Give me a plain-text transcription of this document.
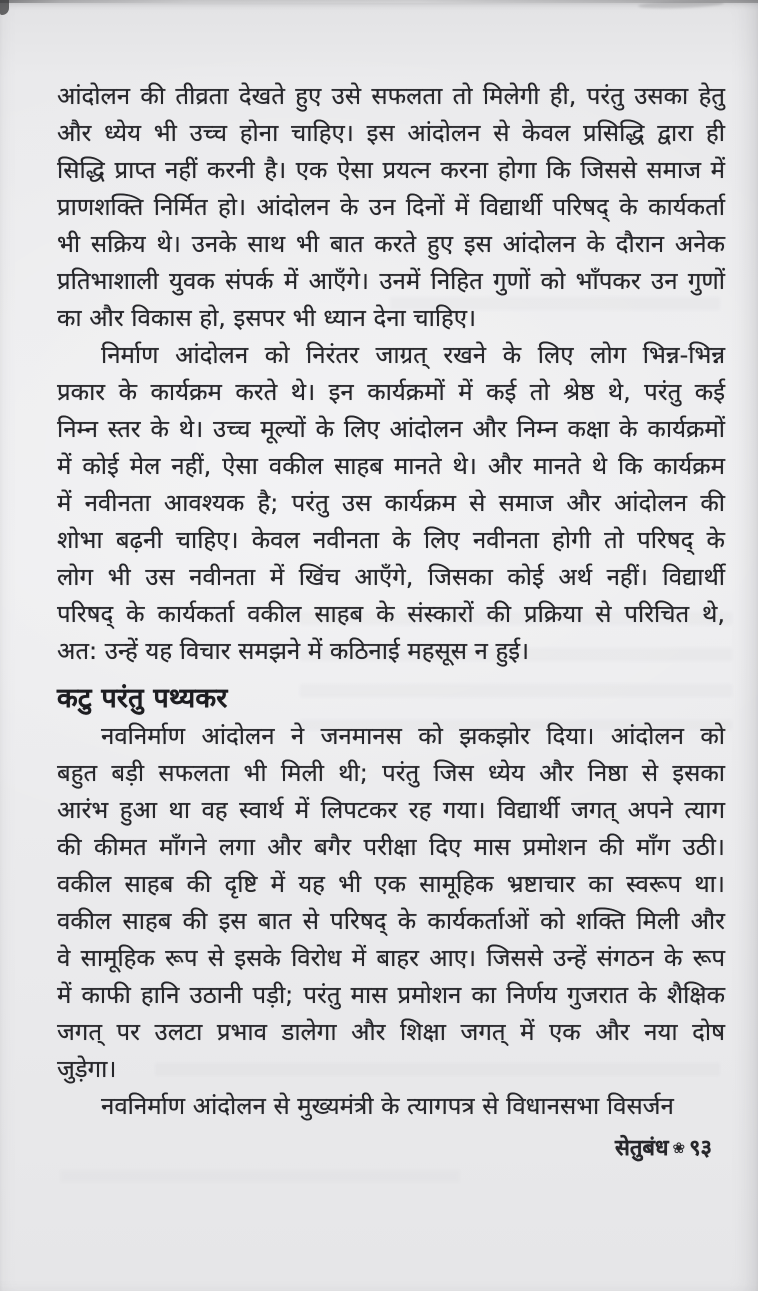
आंदोलन की तीव्रता देखते हुए उसे सफलता तो मिलेगी ही, परंतु उसका हेतु
और ध्येय भी उच्च होना चाहिए। इस आंदोलन से केवल प्रसिद्धि द्वारा ही
सिद्धि प्राप्त नहीं करनी है। एक ऐसा प्रयत्न करना होगा कि जिससे समाज में
प्राणशक्ति निर्मित हो। आंदोलन के उन दिनों में विद्यार्थी परिषद् के कार्यकर्ता
भी सक्रिय थे। उनके साथ भी बात करते हुए इस आंदोलन के दौरान अनेक
प्रतिभाशाली युवक संपर्क में आएँगे। उनमें निहित गुणों को भाँपकर उन गुणों
का और विकास हो, इसपर भी ध्यान देना चाहिए।
निर्माण आंदोलन को निरंतर जाग्रत् रखने के लिए लोग भिन्न-भिन्न
प्रकार के कार्यक्रम करते थे। इन कार्यक्रमों में कई तो श्रेष्ठ थे, परंतु कई
निम्न स्तर के थे। उच्च मूल्यों के लिए आंदोलन और निम्न कक्षा के कार्यक्रमों
में कोई मेल नहीं, ऐसा वकील साहब मानते थे। और मानते थे कि कार्यक्रम
में नवीनता आवश्यक है; परंतु उस कार्यक्रम से समाज और आंदोलन की
शोभा बढ़नी चाहिए। केवल नवीनता के लिए नवीनता होगी तो परिषद् के
लोग भी उस नवीनता में खिंच आएँगे, जिसका कोई अर्थ नहीं। विद्यार्थी
परिषद् के कार्यकर्ता वकील साहब के संस्कारों की प्रक्रिया से परिचित थे,
अत: उन्हें यह विचार समझने में कठिनाई महसूस न हुई।
कटु परंतु पथ्यकर
नवनिर्माण आंदोलन ने जनमानस को झकझोर दिया। आंदोलन को
बहुत बड़ी सफलता भी मिली थी; परंतु जिस ध्येय और निष्ठा से इसका
आरंभ हुआ था वह स्वार्थ में लिपटकर रह गया। विद्यार्थी जगत् अपने त्याग
की कीमत माँगने लगा और बगैर परीक्षा दिए मास प्रमोशन की माँग उठी।
वकील साहब की दृष्टि में यह भी एक सामूहिक भ्रष्टाचार का स्वरूप था।
वकील साहब की इस बात से परिषद् के कार्यकर्ताओं को शक्ति मिली और
वे सामूहिक रूप से इसके विरोध में बाहर आए। जिससे उन्हें संगठन के रूप
में काफी हानि उठानी पड़ी; परंतु मास प्रमोशन का निर्णय गुजरात के शैक्षिक
जगत् पर उलटा प्रभाव डालेगा और शिक्षा जगत् में एक और नया दोष
जुड़ेगा।
नवनिर्माण आंदोलन से मुख्यमंत्री के त्यागपत्र से विधानसभा विसर्जन
सेतुबंध ❀ ९३
